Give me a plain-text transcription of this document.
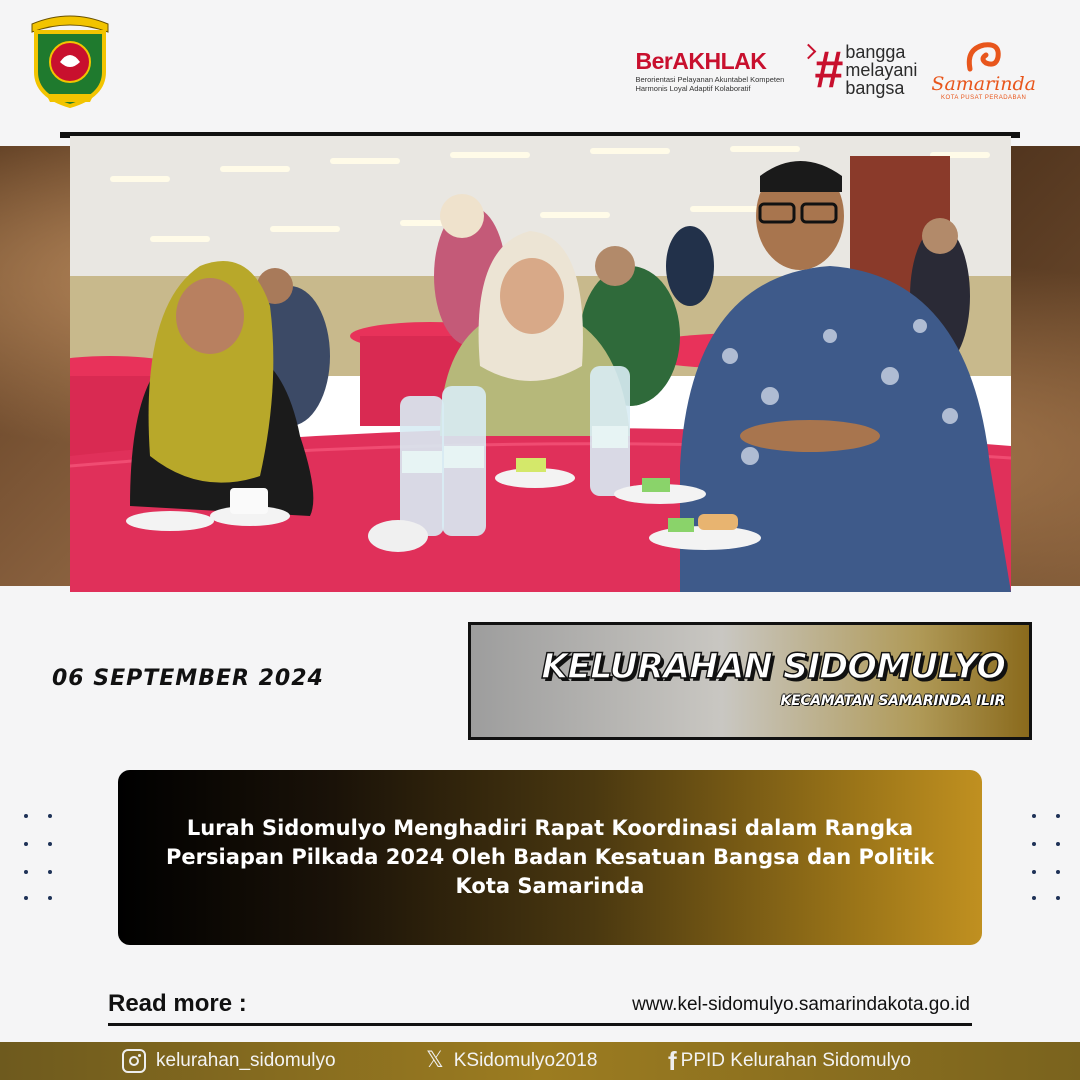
BerAKHLAK
Berorientasi Pelayanan Akuntabel Kompeten Harmonis Loyal Adaptif Kolaboratif	# bangga
melayani
bangsa	Samarinda
KOTA PUSAT PERADABAN
06 SEPTEMBER 2024	KELURAHAN SIDOMULYO
KECAMATAN SAMARINDA ILIR
Lurah Sidomulyo Menghadiri Rapat Koordinasi dalam Rangka Persiapan Pilkada 2024 Oleh Badan Kesatuan Bangsa dan Politik Kota Samarinda
Read more :	www.kel-sidomulyo.samarindakota.go.id
kelurahan_sidomulyo	𝕏 KSidomulyo2018	f PPID Kelurahan Sidomulyo
